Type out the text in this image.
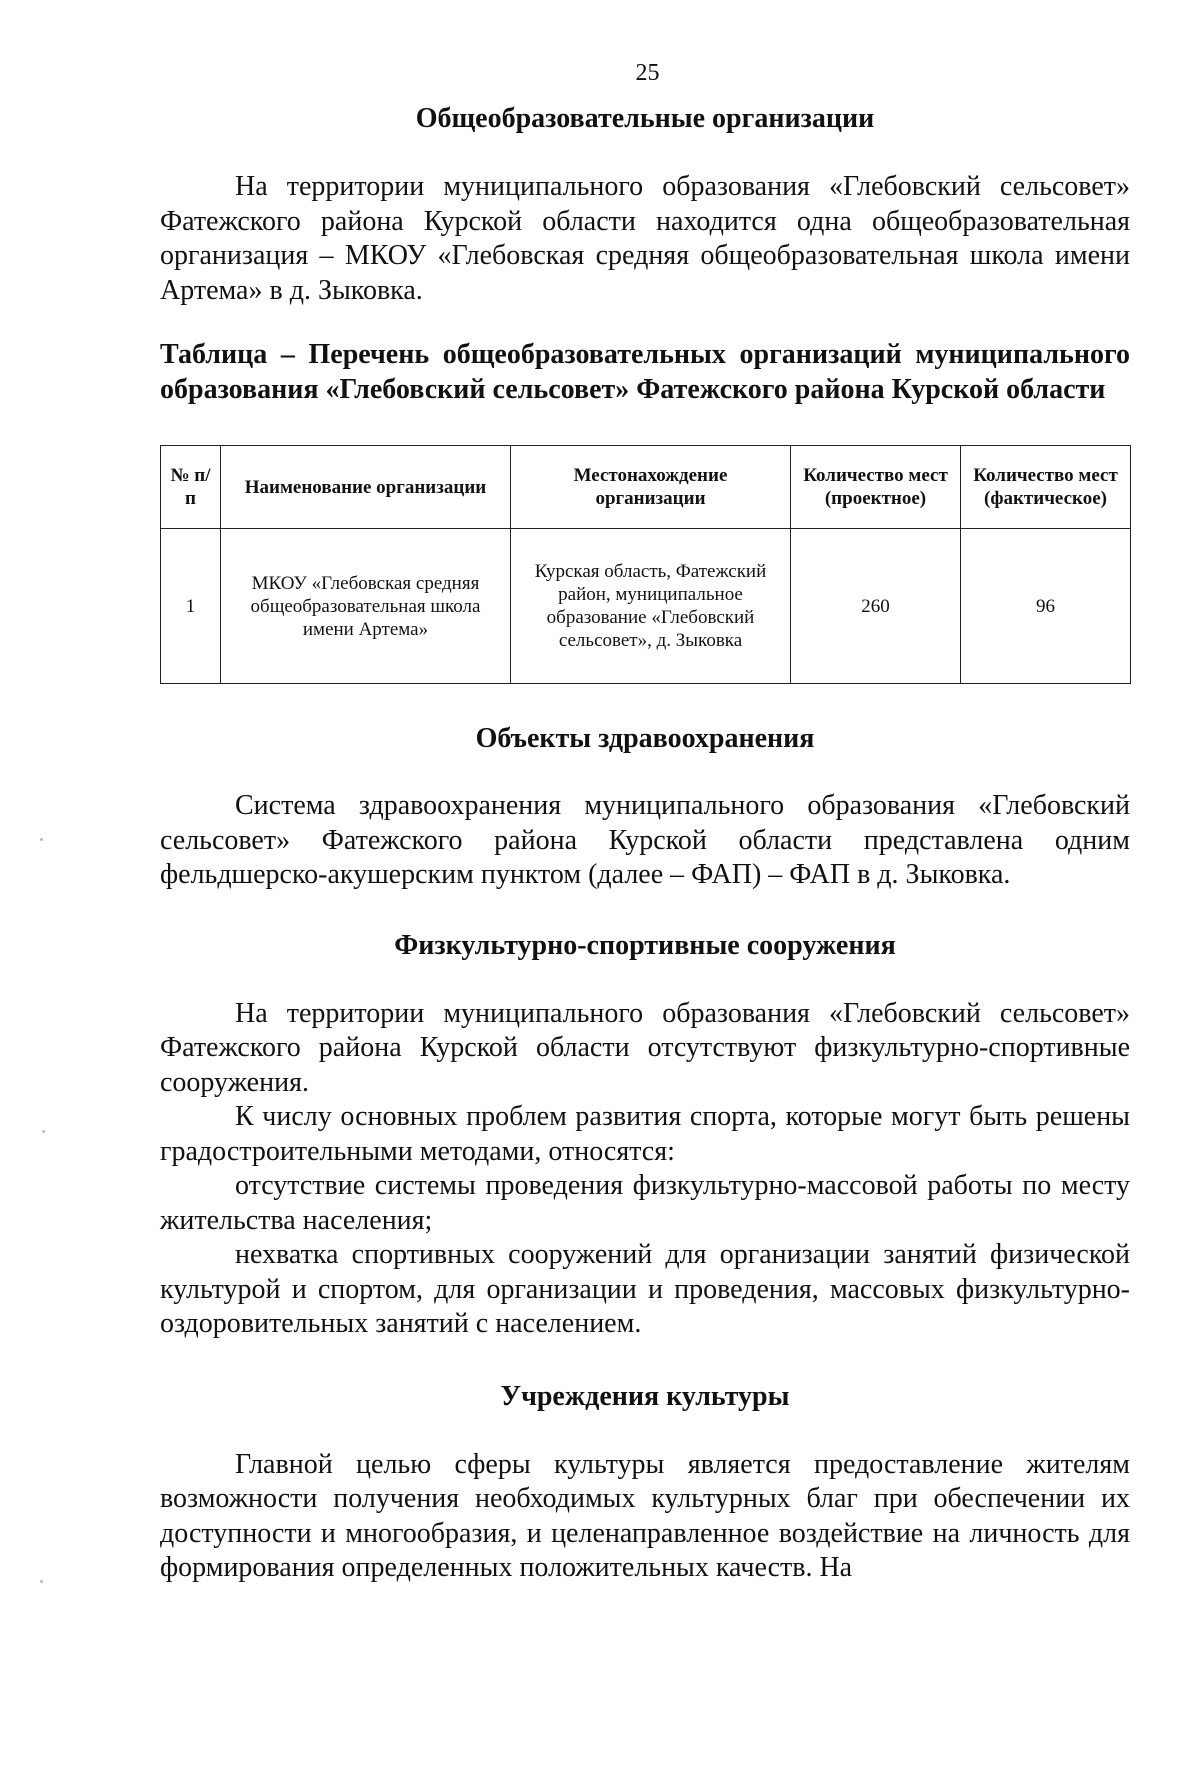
25
Общеобразовательные организации

На территории муниципального образования «Глебовский сельсовет» Фатежского района Курской области находится одна общеобразовательная организация – МКОУ «Глебовская средняя общеобразовательная школа имени Артема» в д. Зыковка.

Таблица – Перечень общеобразовательных организаций муниципального образования «Глебовский сельсовет» Фатежского района Курской области

№ п/п	Наименование организации	Местонахождение организации	Количество мест (проектное)	Количество мест (фактическое)
1	МКОУ «Глебовская средняя общеобразовательная школа имени Артема»	Курская область, Фатежский район, муниципальное образование «Глебовский сельсовет», д. Зыковка	260	96
Объекты здравоохранения

Система здравоохранения муниципального образования «Глебовский сельсовет» Фатежского района Курской области представлена одним фельдшерско-акушерским пунктом (далее – ФАП) – ФАП в д. Зыковка.

Физкультурно-спортивные сооружения

На территории муниципального образования «Глебовский сельсовет» Фатежского района Курской области отсутствуют физкультурно-спортивные сооружения.

К числу основных проблем развития спорта, которые могут быть решены градостроительными методами, относятся:

отсутствие системы проведения физкультурно-массовой работы по месту жительства населения;

нехватка спортивных сооружений для организации занятий физической культурой и спортом, для организации и проведения, массовых физкультурно-оздоровительных занятий с населением.

Учреждения культуры

Главной целью сферы культуры является предоставление жителям возможности получения необходимых культурных благ при обеспечении их доступности и многообразия, и целенаправленное воздействие на личность для формирования определенных положительных качеств. На
